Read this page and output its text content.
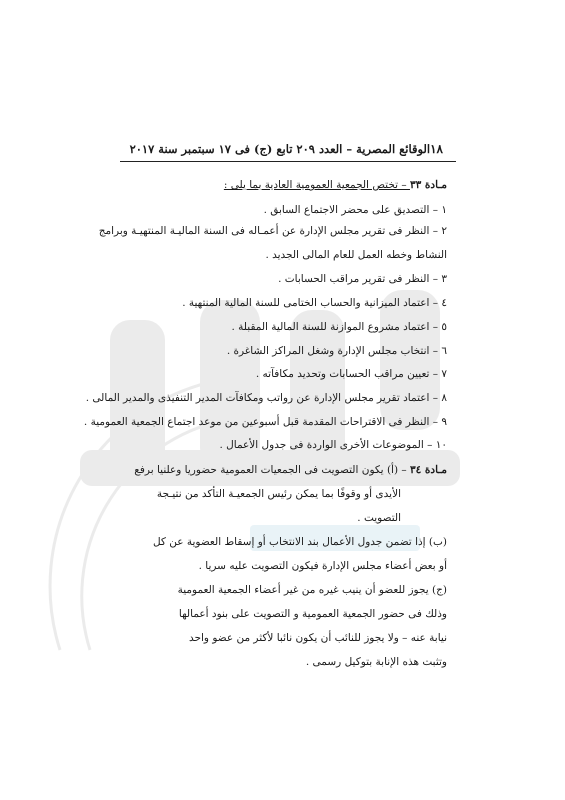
١٨
الوقائع المصرية – العدد ٢٠٩ تابع (ج) فى ١٧ سبتمبر سنة ٢٠١٧
مـادة ٣٣ – تختص الجمعية العمومية العادية بما يلى :
١ – التصديق على محضر الاجتماع السابق .
٢ – النظر فى تقرير مجلس الإدارة عن أعمـاله فى السنة الماليـة المنتهيـة وبرامج
النشاط وخطه العمل للعام المالى الجديد .
٣ – النظر فى تقرير مراقب الحسابات .
٤ – اعتماد الميزانية والحساب الختامى للسنة المالية المنتهية .
٥ – اعتماد مشروع الموازنة للسنة المالية المقبلة .
٦ – انتخاب مجلس الإدارة وشغل المراكز الشاغرة .
٧ – تعيين مراقب الحسابات وتحديد مكافآته .
٨ – اعتماد تقرير مجلس الإدارة عن رواتب ومكافآت المدير التنفيذى والمدير المالى .
٩ – النظر فى الاقتراحات المقدمة قبل أسبوعين من موعد اجتماع الجمعية العمومية .
١٠ – الموضوعات الأخرى الواردة فى جدول الأعمال .
مـادة ٣٤ – (أ) يكون التصويت فى الجمعيات العمومية حضوريا وعلنيا برفع
الأيدى أو وقوفًا بما يمكن رئيس الجمعيـة التأكد من نتيـجة
التصويت .
(ب) إذا تضمن جدول الأعمال بند الانتخاب أو إسقاط العضوية عن كل
أو بعض أعضاء مجلس الإدارة فيكون التصويت عليه سريا .
(ج) يجوز للعضو أن ينيب غيره من غير أعضاء الجمعية العمومية
وذلك فى حضور الجمعية العمومية و التصويت على بنود أعمالها
نيابة عنه – ولا يجوز للنائب أن يكون نائبا لأكثر من عضو واحد
وتثبت هذه الإنابة بتوكيل رسمى .
